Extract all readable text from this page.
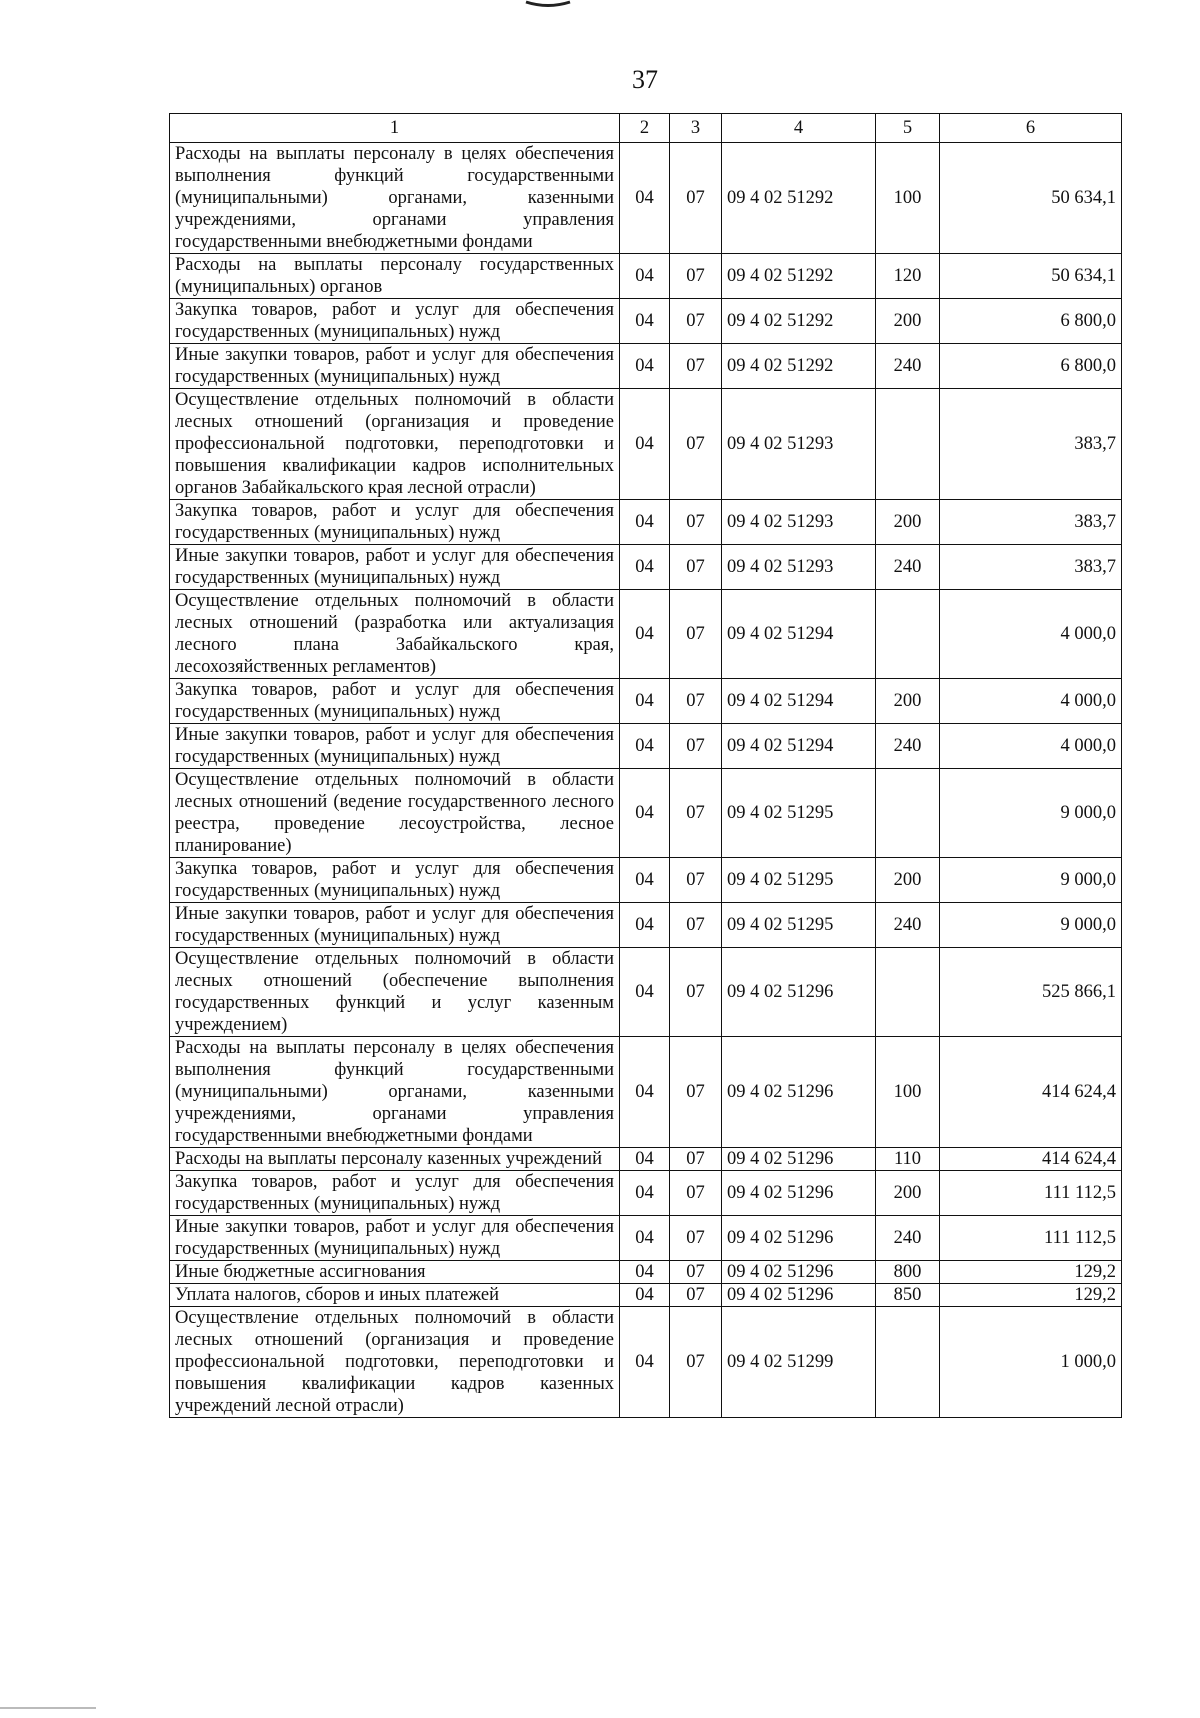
37
1	2	3	4	5	6
Расходы на выплаты персоналу в целях обеспечения выполнения функций государственными (муниципальными) органами, казенными учреждениями, органами управления государственными внебюджетными фондами	04	07	09 4 02 51292	100	50 634,1
Расходы на выплаты персоналу государственных (муниципальных) органов	04	07	09 4 02 51292	120	50 634,1
Закупка товаров, работ и услуг для обеспечения государственных (муниципальных) нужд	04	07	09 4 02 51292	200	6 800,0
Иные закупки товаров, работ и услуг для обеспечения государственных (муниципальных) нужд	04	07	09 4 02 51292	240	6 800,0
Осуществление отдельных полномочий в области лесных отношений (организация и проведение профессиональной подготовки, переподготовки и повышения квалификации кадров исполнительных органов Забайкальского края лесной отрасли)	04	07	09 4 02 51293		383,7
Закупка товаров, работ и услуг для обеспечения государственных (муниципальных) нужд	04	07	09 4 02 51293	200	383,7
Иные закупки товаров, работ и услуг для обеспечения государственных (муниципальных) нужд	04	07	09 4 02 51293	240	383,7
Осуществление отдельных полномочий в области лесных отношений (разработка или актуализация лесного плана Забайкальского края, лесохозяйственных регламентов)	04	07	09 4 02 51294		4 000,0
Закупка товаров, работ и услуг для обеспечения государственных (муниципальных) нужд	04	07	09 4 02 51294	200	4 000,0
Иные закупки товаров, работ и услуг для обеспечения государственных (муниципальных) нужд	04	07	09 4 02 51294	240	4 000,0
Осуществление отдельных полномочий в области лесных отношений (ведение государственного лесного реестра, проведение лесоустройства, лесное планирование)	04	07	09 4 02 51295		9 000,0
Закупка товаров, работ и услуг для обеспечения государственных (муниципальных) нужд	04	07	09 4 02 51295	200	9 000,0
Иные закупки товаров, работ и услуг для обеспечения государственных (муниципальных) нужд	04	07	09 4 02 51295	240	9 000,0
Осуществление отдельных полномочий в области лесных отношений (обеспечение выполнения государственных функций и услуг казенным учреждением)	04	07	09 4 02 51296		525 866,1
Расходы на выплаты персоналу в целях обеспечения выполнения функций государственными (муниципальными) органами, казенными учреждениями, органами управления государственными внебюджетными фондами	04	07	09 4 02 51296	100	414 624,4
Расходы на выплаты персоналу казенных учреждений	04	07	09 4 02 51296	110	414 624,4
Закупка товаров, работ и услуг для обеспечения государственных (муниципальных) нужд	04	07	09 4 02 51296	200	111 112,5
Иные закупки товаров, работ и услуг для обеспечения государственных (муниципальных) нужд	04	07	09 4 02 51296	240	111 112,5
Иные бюджетные ассигнования	04	07	09 4 02 51296	800	129,2
Уплата налогов, сборов и иных платежей	04	07	09 4 02 51296	850	129,2
Осуществление отдельных полномочий в области лесных отношений (организация и проведение профессиональной подготовки, переподготовки и повышения квалификации кадров казенных учреждений лесной отрасли)	04	07	09 4 02 51299		1 000,0
